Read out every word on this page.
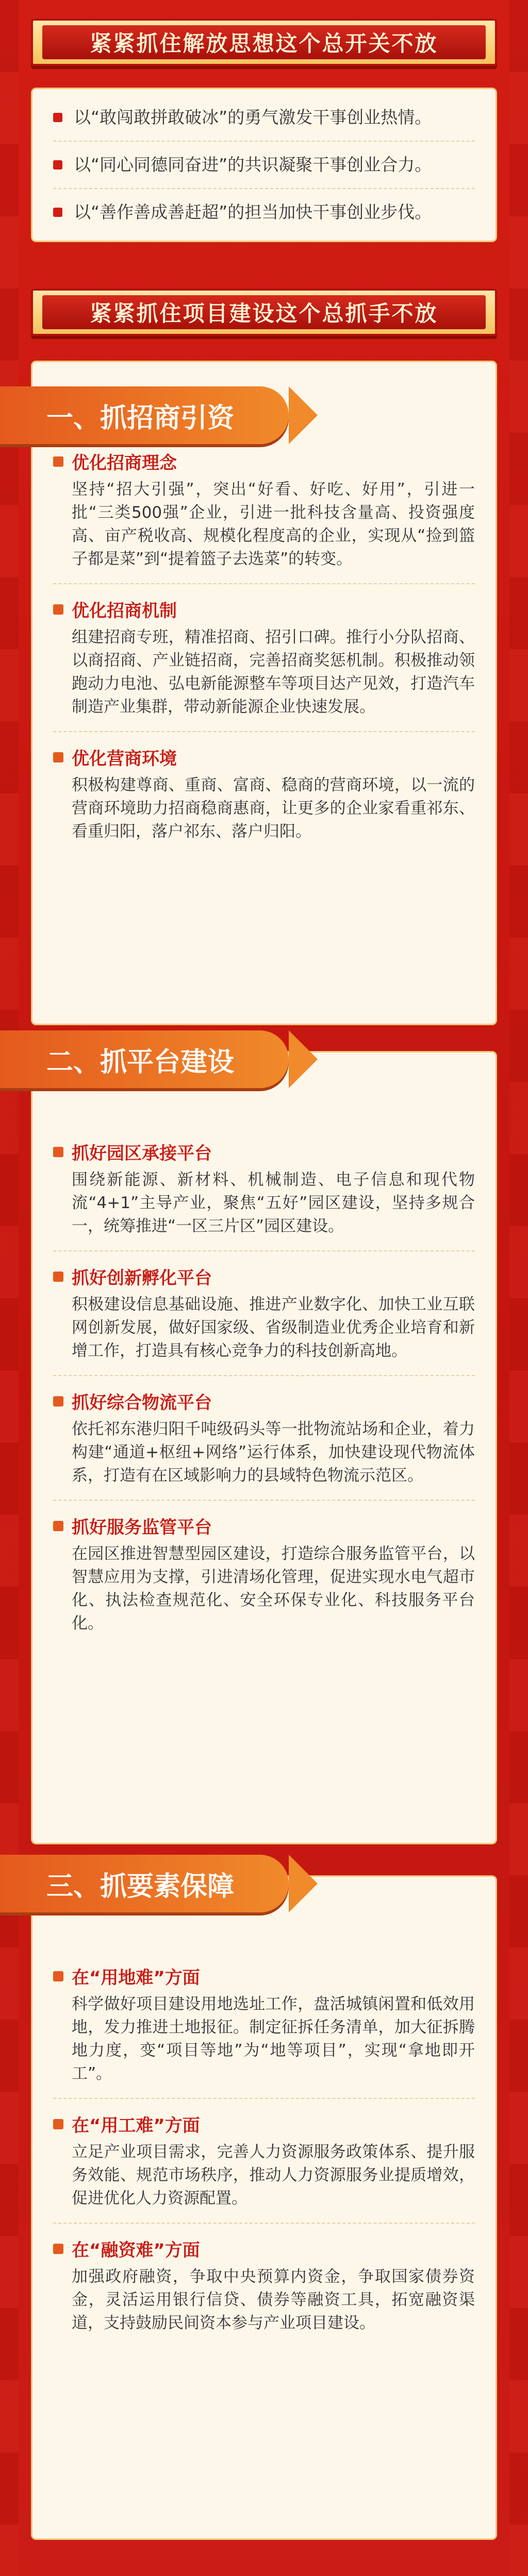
紧紧抓住解放思想这个总开关不放
以“敢闯敢拼敢破冰”的勇气激发干事创业热情。
以“同心同德同奋进”的共识凝聚干事创业合力。
以“善作善成善赶超”的担当加快干事创业步伐。
紧紧抓住项目建设这个总抓手不放
优化招商理念
坚持“招大引强”，突出“好看、好吃、好用”，引进一批“三类500强”企业，引进一批科技含量高、投资强度高、亩产税收高、规模化程度高的企业，实现从“捡到篮子都是菜”到“提着篮子去选菜”的转变。
优化招商机制
组建招商专班，精准招商、招引口碑。推行小分队招商、以商招商、产业链招商，完善招商奖惩机制。积极推动领跑动力电池、弘电新能源整车等项目达产见效，打造汽车制造产业集群，带动新能源企业快速发展。
优化营商环境
积极构建尊商、重商、富商、稳商的营商环境，以一流的营商环境助力招商稳商惠商，让更多的企业家看重祁东、看重归阳，落户祁东、落户归阳。
一、抓招商引资
抓好园区承接平台
围绕新能源、新材料、机械制造、电子信息和现代物流“4+1”主导产业，聚焦“五好”园区建设，坚持多规合一，统筹推进“一区三片区”园区建设。
抓好创新孵化平台
积极建设信息基础设施、推进产业数字化、加快工业互联网创新发展，做好国家级、省级制造业优秀企业培育和新增工作，打造具有核心竞争力的科技创新高地。
抓好综合物流平台
依托祁东港归阳千吨级码头等一批物流站场和企业，着力构建“通道+枢纽+网络”运行体系，加快建设现代物流体系，打造有在区域影响力的县域特色物流示范区。
抓好服务监管平台
在园区推进智慧型园区建设，打造综合服务监管平台，以智慧应用为支撑，引进清场化管理，促进实现水电气超市化、执法检查规范化、安全环保专业化、科技服务平台化。
二、抓平台建设
在“用地难”方面
科学做好项目建设用地选址工作，盘活城镇闲置和低效用地，发力推进土地报征。制定征拆任务清单，加大征拆腾地力度，变“项目等地”为“地等项目”，实现“拿地即开工”。
在“用工难”方面
立足产业项目需求，完善人力资源服务政策体系、提升服务效能、规范市场秩序，推动人力资源服务业提质增效，促进优化人力资源配置。
在“融资难”方面
加强政府融资，争取中央预算内资金，争取国家债券资金，灵活运用银行信贷、债券等融资工具，拓宽融资渠道，支持鼓励民间资本参与产业项目建设。
三、抓要素保障
